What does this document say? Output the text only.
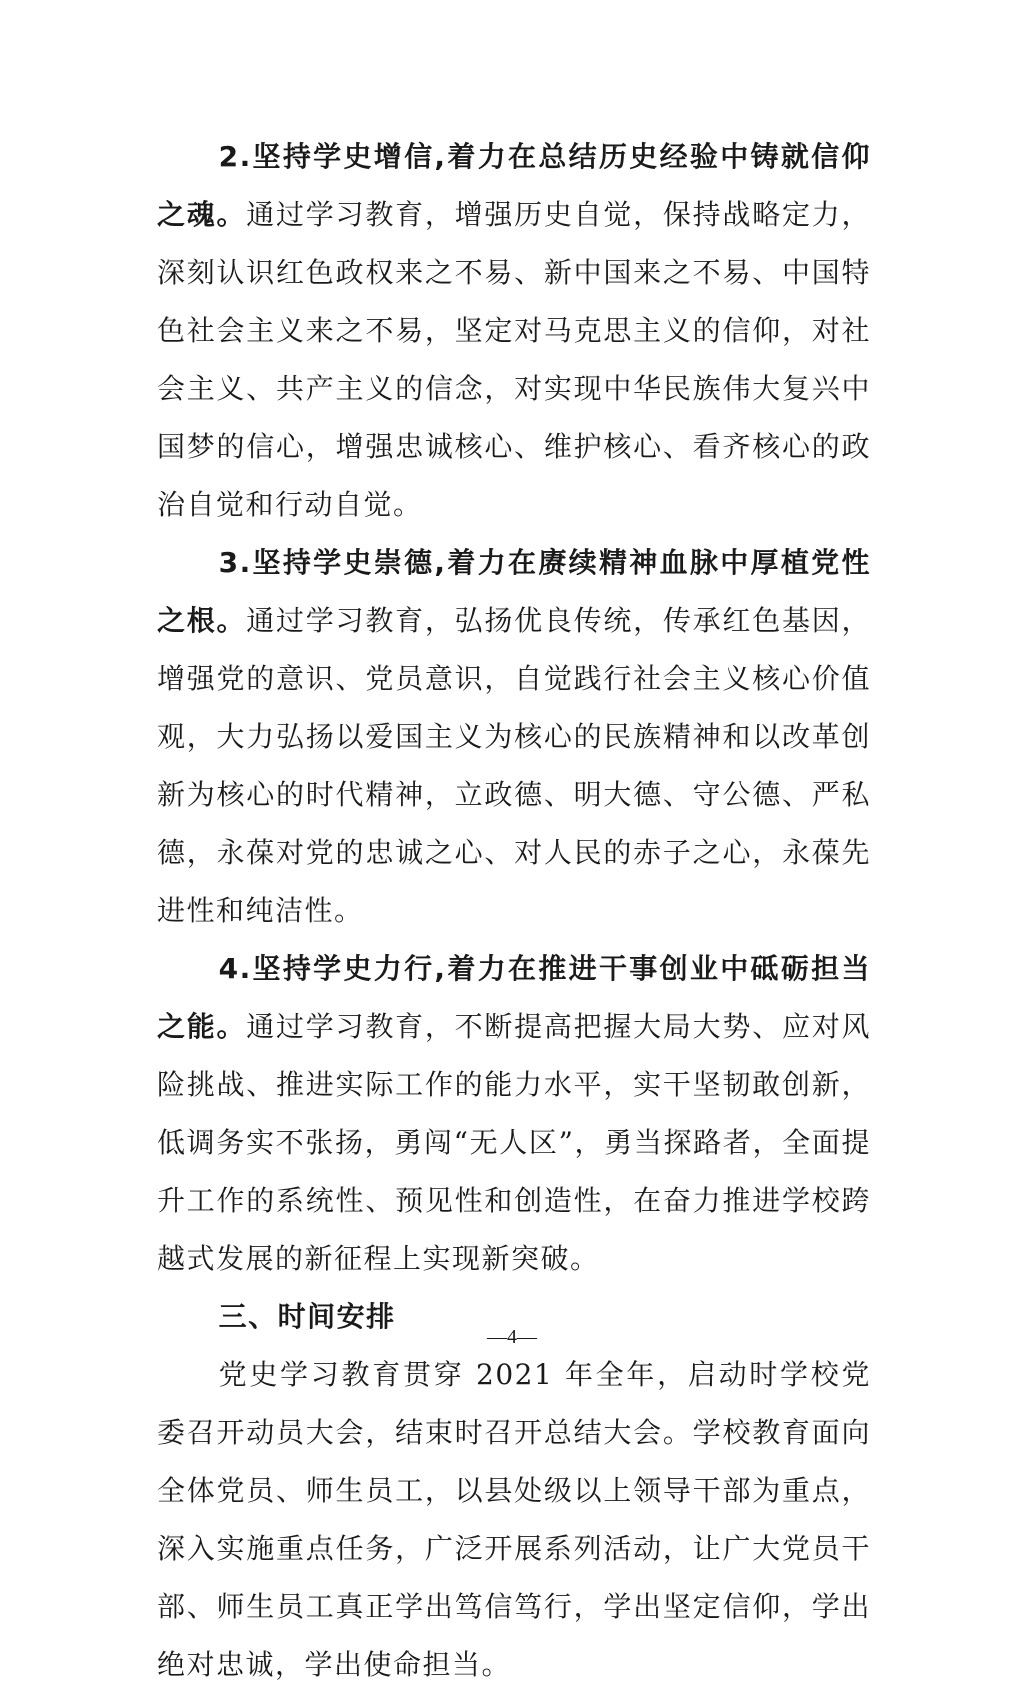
2.坚持学史增信,着力在总结历史经验中铸就信仰之魂。通过学习教育，增强历史自觉，保持战略定力，深刻认识红色政权来之不易、新中国来之不易、中国特色社会主义来之不易，坚定对马克思主义的信仰，对社会主义、共产主义的信念，对实现中华民族伟大复兴中国梦的信心，增强忠诚核心、维护核心、看齐核心的政治自觉和行动自觉。

3.坚持学史崇德,着力在赓续精神血脉中厚植党性之根。通过学习教育，弘扬优良传统，传承红色基因，增强党的意识、党员意识，自觉践行社会主义核心价值观，大力弘扬以爱国主义为核心的民族精神和以改革创新为核心的时代精神，立政德、明大德、守公德、严私德，永葆对党的忠诚之心、对人民的赤子之心，永葆先进性和纯洁性。

4.坚持学史力行,着力在推进干事创业中砥砺担当之能。通过学习教育，不断提高把握大局大势、应对风险挑战、推进实际工作的能力水平，实干坚韧敢创新，低调务实不张扬，勇闯“无人区”，勇当探路者，全面提升工作的系统性、预见性和创造性，在奋力推进学校跨越式发展的新征程上实现新突破。

三、时间安排

党史学习教育贯穿 2021 年全年，启动时学校党委召开动员大会，结束时召开总结大会。学校教育面向全体党员、师生员工，以县处级以上领导干部为重点，深入实施重点任务，广泛开展系列活动，让广大党员干部、师生员工真正学出笃信笃行，学出坚定信仰，学出绝对忠诚，学出使命担当。

—4—
